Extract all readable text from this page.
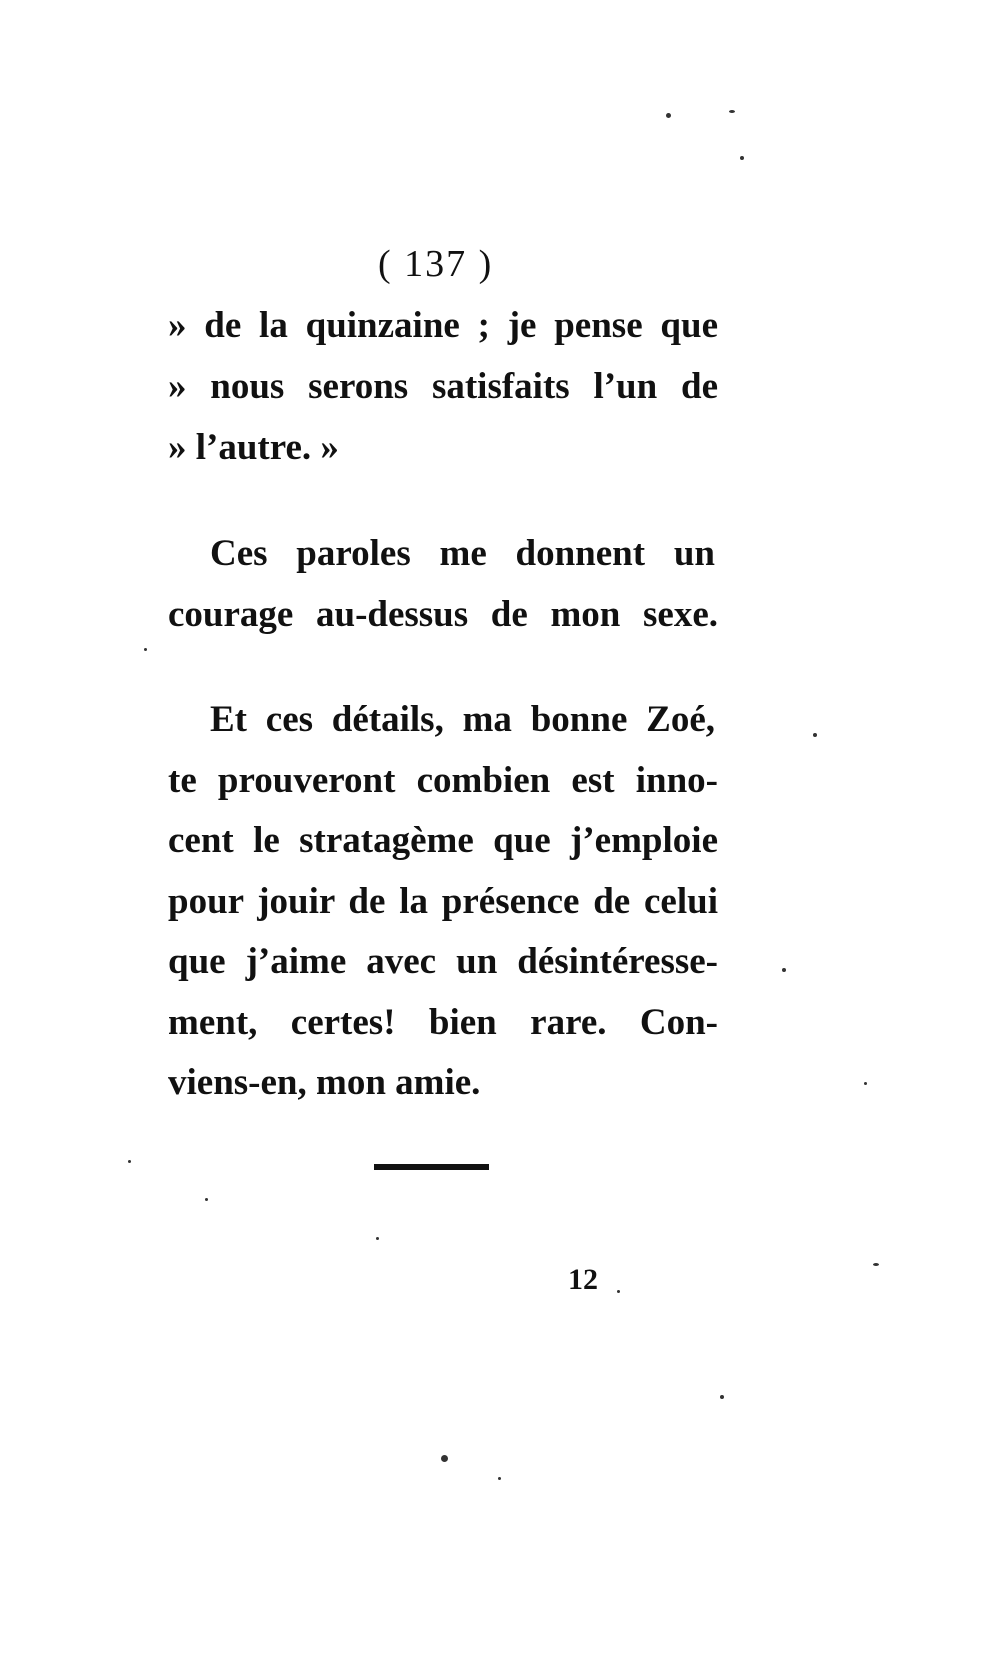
( 137 )
» de la quinzaine ; je pense que
» nous serons satisfaits l’un de
» l’autre. »
Ces paroles me donnent un
courage au-dessus de mon sexe.
Et ces détails, ma bonne Zoé,
te prouveront combien est inno-
cent le stratagème que j’emploie
pour jouir de la présence de celui
que j’aime avec un désintéresse-
ment, certes! bien rare. Con-
viens-en, mon amie.
12
